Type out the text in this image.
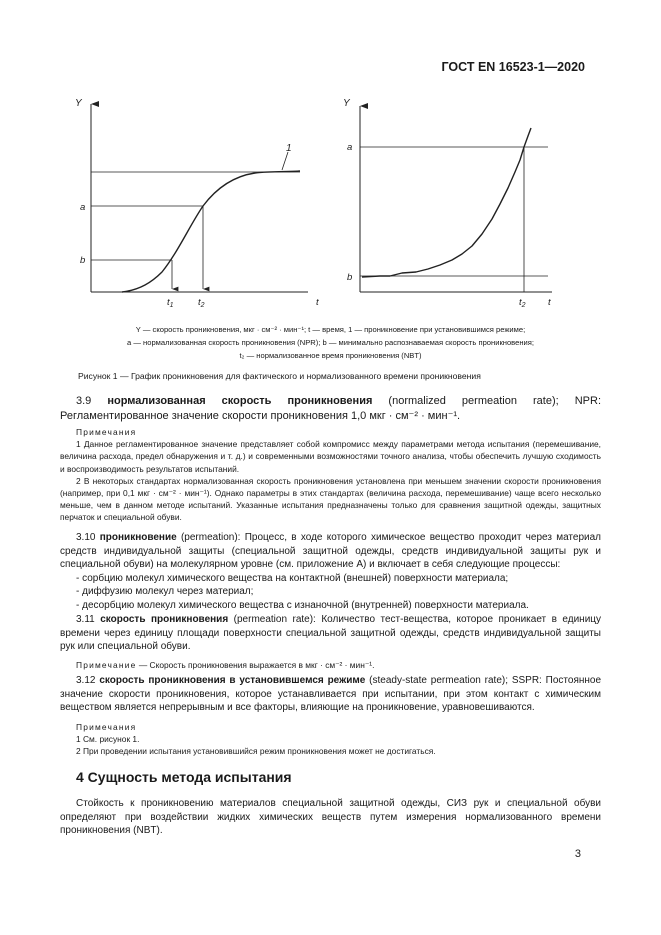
ГОСТ EN 16523-1—2020
Y
a
b
1
$t_1$	$t_2$	t
Y
a
b
$t_2$ t
Y — скорость проникновения, мкг · см⁻² · мин⁻¹; t — время, 1 — проникновение при установившимся режиме;
a — нормализованная скорость проникновения (NPR); b — минимально распознаваемая скорость проникновения;
t₂ — нормализованное время проникновения (NBT)
Рисунок 1 — График проникновения для фактического и нормализованного времени проникновения

3.9 нормализованная скорость проникновения (normalized permeation rate); NPR: Регламентированное значение скорости проникновения 1,0 мкг · см⁻² · мин⁻¹.

Примечания

1 Данное регламентированное значение представляет собой компромисс между параметрами метода испытания (перемешивание, величина расхода, предел обнаружения и т. д.) и современными возможностями точного анализа, чтобы обеспечить лучшую сходимость и воспроизводимость результатов испытаний.

2 В некоторых стандартах нормализованная скорость проникновения установлена при меньшем значении скорости проникновения (например, при 0,1 мкг · см⁻² · мин⁻¹). Однако параметры в этих стандартах (величина расхода, перемешивание) чаще всего несколько меньше, чем в данном методе испытаний. Указанные испытания предназначены только для сравнения защитной одежды, защитных перчаток и специальной обуви.

3.10 проникновение (permeation): Процесс, в ходе которого химическое вещество проходит через материал средств индивидуальной защиты (специальной защитной одежды, средств индивидуальной защиты рук и специальной обуви) на молекулярном уровне (см. приложение А) и включает в себя следующие процессы:

- сорбцию молекул химического вещества на контактной (внешней) поверхности материала;

- диффузию молекул через материал;

- десорбцию молекул химического вещества с изнаночной (внутренней) поверхности материала.

3.11 скорость проникновения (permeation rate): Количество тест-вещества, которое проникает в единицу времени через единицу площади поверхности специальной защитной одежды, средств индивидуальной защиты рук или специальной обуви.

Примечание — Скорость проникновения выражается в мкг · см⁻² · мин⁻¹.

3.12 скорость проникновения в установившемся режиме (steady-state permeation rate); SSPR: Постоянное значение скорости проникновения, которое устанавливается при испытании, при этом контакт с химическим веществом является непрерывным и все факторы, влияющие на проникновение, уравновешиваются.

Примечания

1 См. рисунок 1.

2 При проведении испытания установившийся режим проникновения может не достигаться.

4 Сущность метода испытания

Стойкость к проникновению материалов специальной защитной одежды, СИЗ рук и специальной обуви определяют при воздействии жидких химических веществ путем измерения нормализованного времени проникновения (NBT).

3
